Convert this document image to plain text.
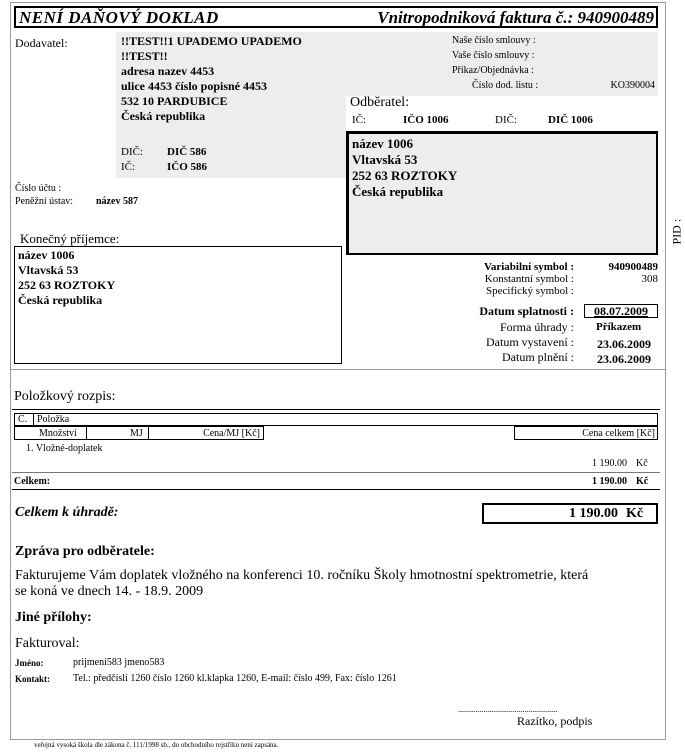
NENÍ DAŇOVÝ DOKLAD	Vnitropodniková faktura č.: 940900489
Dodavatel:	!!TEST!!1 UPADEMO UPADEMO
!!TEST!!
adresa nazev 4453
ulice 4453 číslo popisné 4453
532 10 PARDUBICE
Česká republika
DIČ: DIČ 586
IČ:	IČO 586
Naše číslo smlouvy :
Vaše číslo smlouvy :
Příkaz/Objednávka :
Číslo dod. listu :	KO390004
Číslo účtu :
Peněžní ústav: název 587
Odběratel:
IČ:	IČO 1006	DIČ:	DIČ 1006
název 1006
Vltavská 53
252 63 ROZTOKY
Česká republika
PID :
Konečný příjemce:
název 1006
Vltavská 53
252 63 ROZTOKY
Česká republika
Variabilní symbol :	940900489
Konstantní symbol :	308
Specifický symbol :
Datum splatnosti :	08.07.2009
Forma úhrady : Příkazem
Datum vystavení : 23.06.2009
Datum plnění : 23.06.2009
Položkový rozpis:
Č. Položka
Množství	MJ	Cena/MJ [Kč]	Cena celkem [Kč]
1. Vložné-doplatek
1 190.00 Kč
Celkem:	1 190.00 Kč
Celkem k úhradě:	1 190.00 Kč
Zpráva pro odběratele:
Fakturujeme Vám doplatek vložného na konferenci 10. ročníku Školy hmotnostní spektrometrie, která
se koná ve dnech 14. - 18.9. 2009
Jiné přílohy:
Fakturoval:
Jméno:	prijmeni583 jmeno583
Kontakt: Tel.: předčíslí 1260 číslo 1260 kl.klapka 1260, E-mail: číslo 499, Fax: číslo 1261
...................................................
Razítko, podpis
veřejná vysoká škola dle zákona č. 111/1998 sb., do obchodního rejstříku není zapsána.
